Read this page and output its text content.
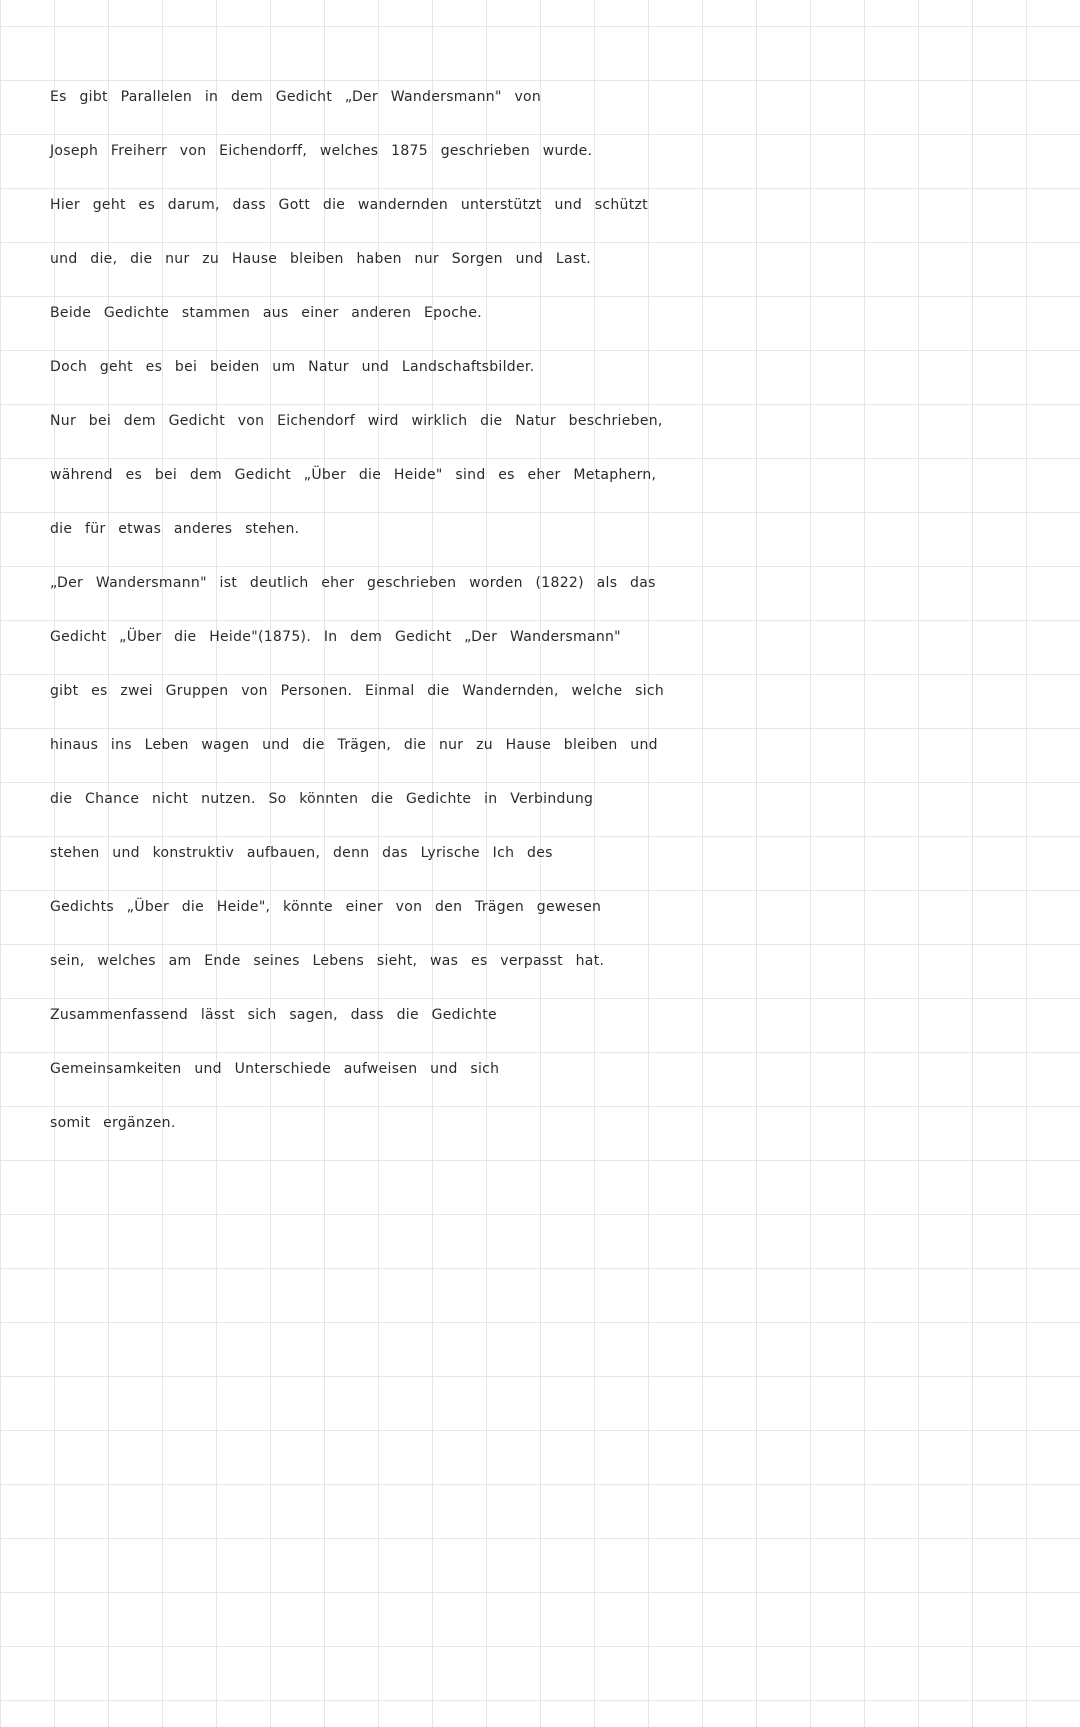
Es gibt Parallelen in dem Gedicht „Der Wandersmann" von
Joseph Freiherr von Eichendorff, welches 1875 geschrieben wurde.
Hier geht es darum, dass Gott die wandernden unterstützt und schützt
und die, die nur zu Hause bleiben haben nur Sorgen und Last.
Beide Gedichte stammen aus einer anderen Epoche.
Doch geht es bei beiden um Natur und Landschaftsbilder.
Nur bei dem Gedicht von Eichendorf wird wirklich die Natur beschrieben,
während es bei dem Gedicht „Über die Heide" sind es eher Metaphern,
die für etwas anderes stehen.
„Der Wandersmann" ist deutlich eher geschrieben worden (1822) als das
Gedicht „Über die Heide"(1875). In dem Gedicht „Der Wandersmann"
gibt es zwei Gruppen von Personen. Einmal die Wandernden, welche sich
hinaus ins Leben wagen und die Trägen, die nur zu Hause bleiben und
die Chance nicht nutzen. So könnten die Gedichte in Verbindung
stehen und konstruktiv aufbauen, denn das Lyrische Ich des
Gedichts „Über die Heide", könnte einer von den Trägen gewesen
sein, welches am Ende seines Lebens sieht, was es verpasst hat.
Zusammenfassend lässt sich sagen, dass die Gedichte
Gemeinsamkeiten und Unterschiede aufweisen und sich
somit ergänzen.
